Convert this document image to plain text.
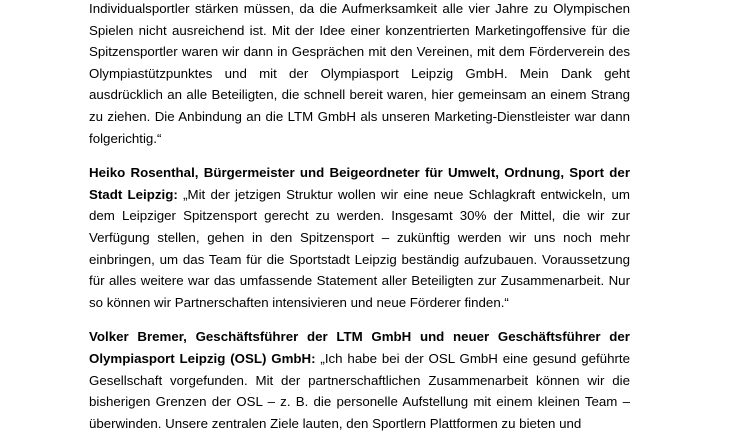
Individualsportler stärken müssen, da die Aufmerksamkeit alle vier Jahre zu Olympischen Spielen nicht ausreichend ist. Mit der Idee einer konzentrierten Marketingoffensive für die Spitzensportler waren wir dann in Gesprächen mit den Vereinen, mit dem Förderverein des Olympiastützpunktes und mit der Olympiasport Leipzig GmbH. Mein Dank geht ausdrücklich an alle Beteiligten, die schnell bereit waren, hier gemeinsam an einem Strang zu ziehen. Die Anbindung an die LTM GmbH als unseren Marketing-Dienstleister war dann folgerichtig.“

Heiko Rosenthal, Bürgermeister und Beigeordneter für Umwelt, Ordnung, Sport der Stadt Leipzig: „Mit der jetzigen Struktur wollen wir eine neue Schlagkraft entwickeln, um dem Leipziger Spitzensport gerecht zu werden. Insgesamt 30% der Mittel, die wir zur Verfügung stellen, gehen in den Spitzensport – zukünftig werden wir uns noch mehr einbringen, um das Team für die Sportstadt Leipzig beständig aufzubauen. Voraussetzung für alles weitere war das umfassende Statement aller Beteiligten zur Zusammenarbeit. Nur so können wir Partnerschaften intensivieren und neue Förderer finden.“

Volker Bremer, Geschäftsführer der LTM GmbH und neuer Geschäftsführer der Olympiasport Leipzig (OSL) GmbH: „Ich habe bei der OSL GmbH eine gesund geführte Gesellschaft vorgefunden. Mit der partnerschaftlichen Zusammenarbeit können wir die bisherigen Grenzen der OSL – z. B. die personelle Aufstellung mit einem kleinen Team – überwinden. Unsere zentralen Ziele lauten, den Sportlern Plattformen zu bieten und
